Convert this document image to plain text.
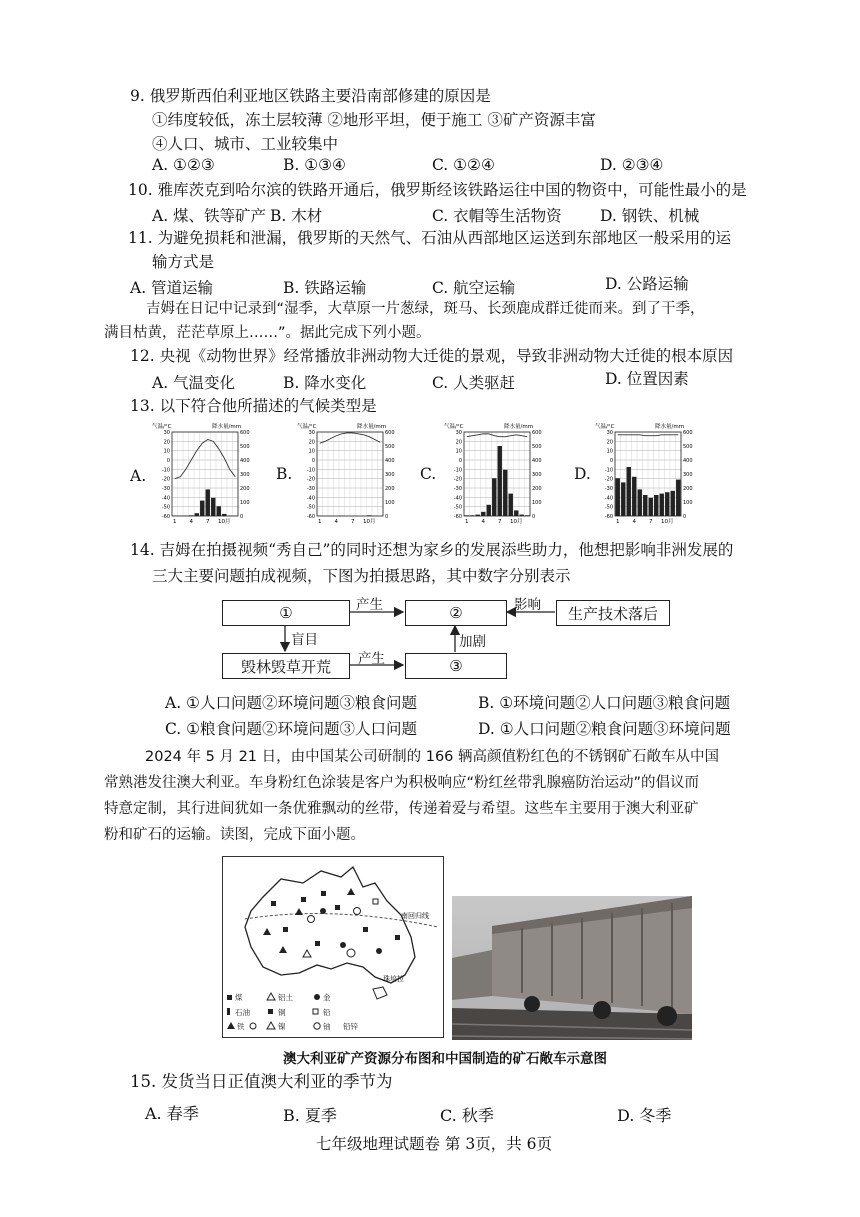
9. 俄罗斯西伯利亚地区铁路主要沿南部修建的原因是
①纬度较低，冻土层较薄 ②地形平坦，便于施工 ③矿产资源丰富
④人口、城市、工业较集中
A. ①②③	B. ①③④	C. ①②④	D. ②③④
10. 雅库茨克到哈尔滨的铁路开通后，俄罗斯经该铁路运往中国的物资中，可能性最小的是
A. 煤、铁等矿产 B. 木材	C. 衣帽等生活物资 D. 钢铁、机械
11. 为避免损耗和泄漏，俄罗斯的天然气、石油从西部地区运送到东部地区一般采用的运
输方式是
A. 管道运输	B. 铁路运输	C. 航空运输	D. 公路运输
吉姆在日记中记录到“湿季，大草原一片葱绿，斑马、长颈鹿成群迁徙而来。到了干季，
满目枯黄，茫茫草原上……”。据此完成下列小题。
12. 央视《动物世界》经常播放非洲动物大迁徙的景观，导致非洲动物大迁徙的根本原因
A. 气温变化	B. 降水变化	C. 人类驱赶	D. 位置因素
13. 以下符合他所描述的气候类型是
A.	B.	C.	D.
气温/°C	降水量/mm
30
20
10
0
-10
-20
-30
-40
-50
-60
600
500
400
300
200
100
0
1 4 7 10月
气温/°C	降水量/mm
30
20
10
0
-10
-20
-30
-40
-50
-60
600
500
400
300
200
100
0
1 4 7 10月
气温/°C	降水量/mm
30
20
10
0
-10
-20
-30
-40
-50
-60
600
500
400
300
200
100
0
1 4 7 10月
气温/°C	降水量/mm
30
20
10
0
-10
-20
-30
-40
-50
-60
600
500
400
300
200
100
0
1 4 7 10月
14. 吉姆在拍摄视频“秀自己”的同时还想为家乡的发展添些助力，他想把影响非洲发展的
三大主要问题拍成视频，下图为拍摄思路，其中数字分别表示
①	②	生产技术落后
毁林毁草开荒	③
产生	影响
盲目
产生
加剧
A. ①人口问题②环境问题③粮食问题	B. ①环境问题②人口问题③粮食问题
C. ①粮食问题②环境问题③人口问题	D. ①人口问题②粮食问题③环境问题
2024 年 5 月 21 日，由中国某公司研制的 166 辆高颜值粉红色的不锈钢矿石敞车从中国
常熟港发往澳大利亚。车身粉红色涂装是客户为积极响应“粉红丝带乳腺癌防治运动”的倡议而
特意定制，其行进间犹如一条优雅飘动的丝带，传递着爱与希望。这些车主要用于澳大利亚矿
粉和矿石的运输。读图，完成下面小题。
南回归线
珠培拉
煤	铝土	金
石油	铜	铅
铁	镍	铀 铅锌
澳大利亚矿产资源分布图和中国制造的矿石敞车示意图
15. 发货当日正值澳大利亚的季节为
A. 春季	B. 夏季	C. 秋季	D. 冬季
七年级地理试题卷 第 3页，共 6页
